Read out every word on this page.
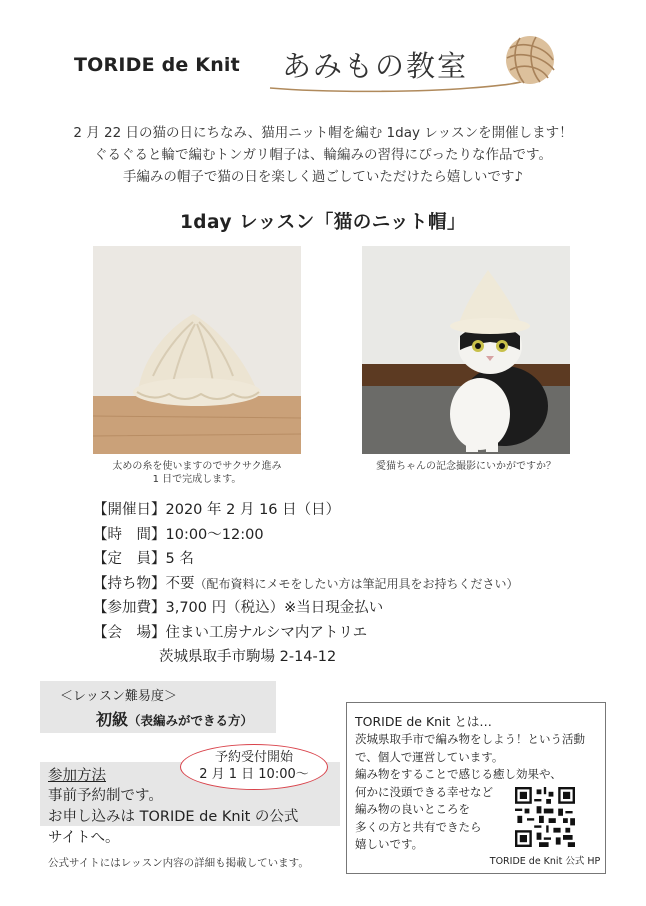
TORIDE de Knit あみもの教室

2 月 22 日の猫の日にちなみ、猫用ニット帽を編む 1day レッスンを開催します！

ぐるぐると輪で編むトンガリ帽子は、輪編みの習得にぴったりな作品です。

手編みの帽子で猫の日を楽しく過ごしていただけたら嬉しいです♪

1day レッスン「猫のニット帽」
太めの糸を使いますのでサクサク進み
1 日で完成します。
愛猫ちゃんの記念撮影にいかがですか？
【開催日】2020 年 2 月 16 日（日）
【時　間】10:00〜12:00
【定　員】5 名
【持ち物】不要（配布資料にメモをしたい方は筆記用具をお持ちください）
【参加費】3,700 円（税込）※当日現金払い
【会　場】住まい工房ナルシマ内アトリエ
茨城県取手市駒場 2-14-12
＜レッスン難易度＞
初級（表編みができる方）
参加方法

事前予約制です。

お申し込みは TORIDE de Knit の公式

サイトへ。

公式サイトにはレッスン内容の詳細も掲載しています。
予約受付開始
2 月 1 日 10:00〜
TORIDE de Knit とは…

茨城県取手市で編み物をしよう！という活動

で、個人で運営しています。

編み物をすることで感じる癒し効果や、

何かに没頭できる幸せなど

編み物の良いところを

多くの方と共有できたら

嬉しいです。

TORIDE de Knit 公式 HP
